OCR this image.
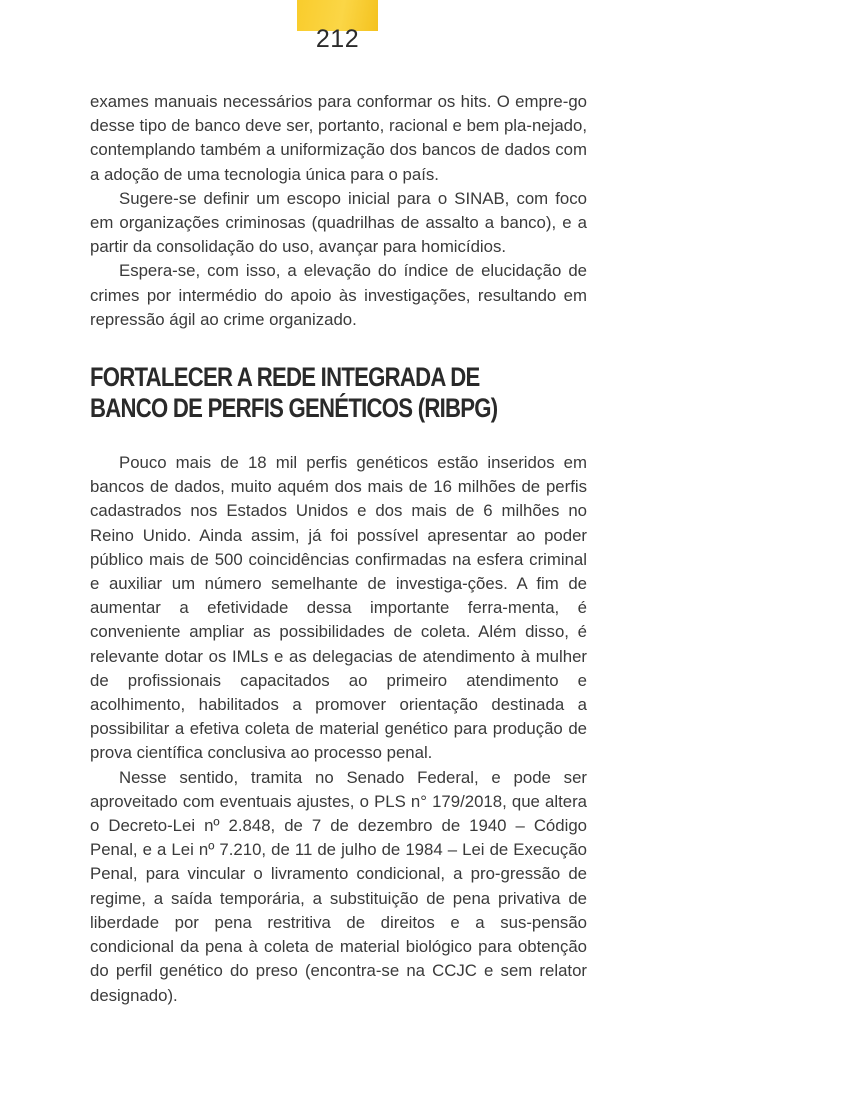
212

exames manuais necessários para conformar os hits. O empre-go desse tipo de banco deve ser, portanto, racional e bem pla-nejado, contemplando também a uniformização dos bancos de dados com a adoção de uma tecnologia única para o país.

Sugere-se definir um escopo inicial para o SINAB, com foco em organizações criminosas (quadrilhas de assalto a banco), e a partir da consolidação do uso, avançar para homicídios.

Espera-se, com isso, a elevação do índice de elucidação de crimes por intermédio do apoio às investigações, resultando em repressão ágil ao crime organizado.

FORTALECER A REDE INTEGRADA DE
BANCO DE PERFIS GENÉTICOS (RIBPG)

Pouco mais de 18 mil perfis genéticos estão inseridos em bancos de dados, muito aquém dos mais de 16 milhões de perfis cadastrados nos Estados Unidos e dos mais de 6 milhões no Reino Unido. Ainda assim, já foi possível apresentar ao poder público mais de 500 coincidências confirmadas na esfera criminal e auxiliar um número semelhante de investiga-ções. A fim de aumentar a efetividade dessa importante ferra-menta, é conveniente ampliar as possibilidades de coleta. Além disso, é relevante dotar os IMLs e as delegacias de atendimento à mulher de profissionais capacitados ao primeiro atendimento e acolhimento, habilitados a promover orientação destinada a possibilitar a efetiva coleta de material genético para produção de prova científica conclusiva ao processo penal.

Nesse sentido, tramita no Senado Federal, e pode ser aproveitado com eventuais ajustes, o PLS n° 179/2018, que altera o Decreto-Lei nº 2.848, de 7 de dezembro de 1940 – Código Penal, e a Lei nº 7.210, de 11 de julho de 1984 – Lei de Execução Penal, para vincular o livramento condicional, a pro-gressão de regime, a saída temporária, a substituição de pena privativa de liberdade por pena restritiva de direitos e a sus-pensão condicional da pena à coleta de material biológico para obtenção do perfil genético do preso (encontra-se na CCJC e sem relator designado).
